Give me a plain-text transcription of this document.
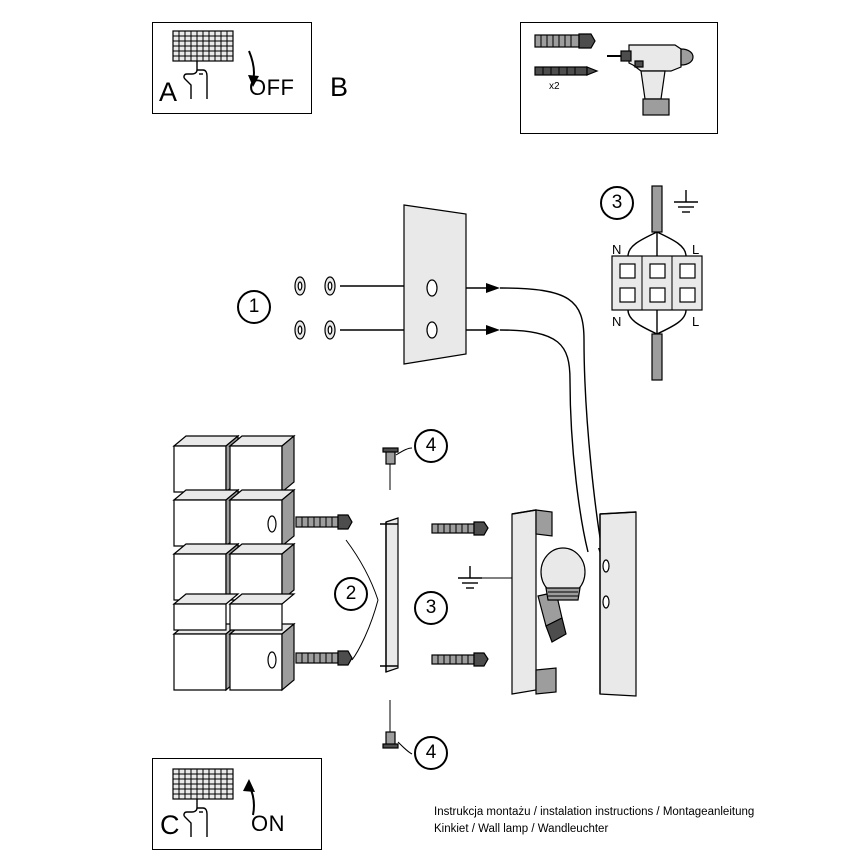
A	OFF B	x2
1
2
3
3
4
4
N	L
N	L
ON
C	Instrukcja montażu / instalation instructions / Montageanleitung
Kinkiet / Wall lamp / Wandleuchter
